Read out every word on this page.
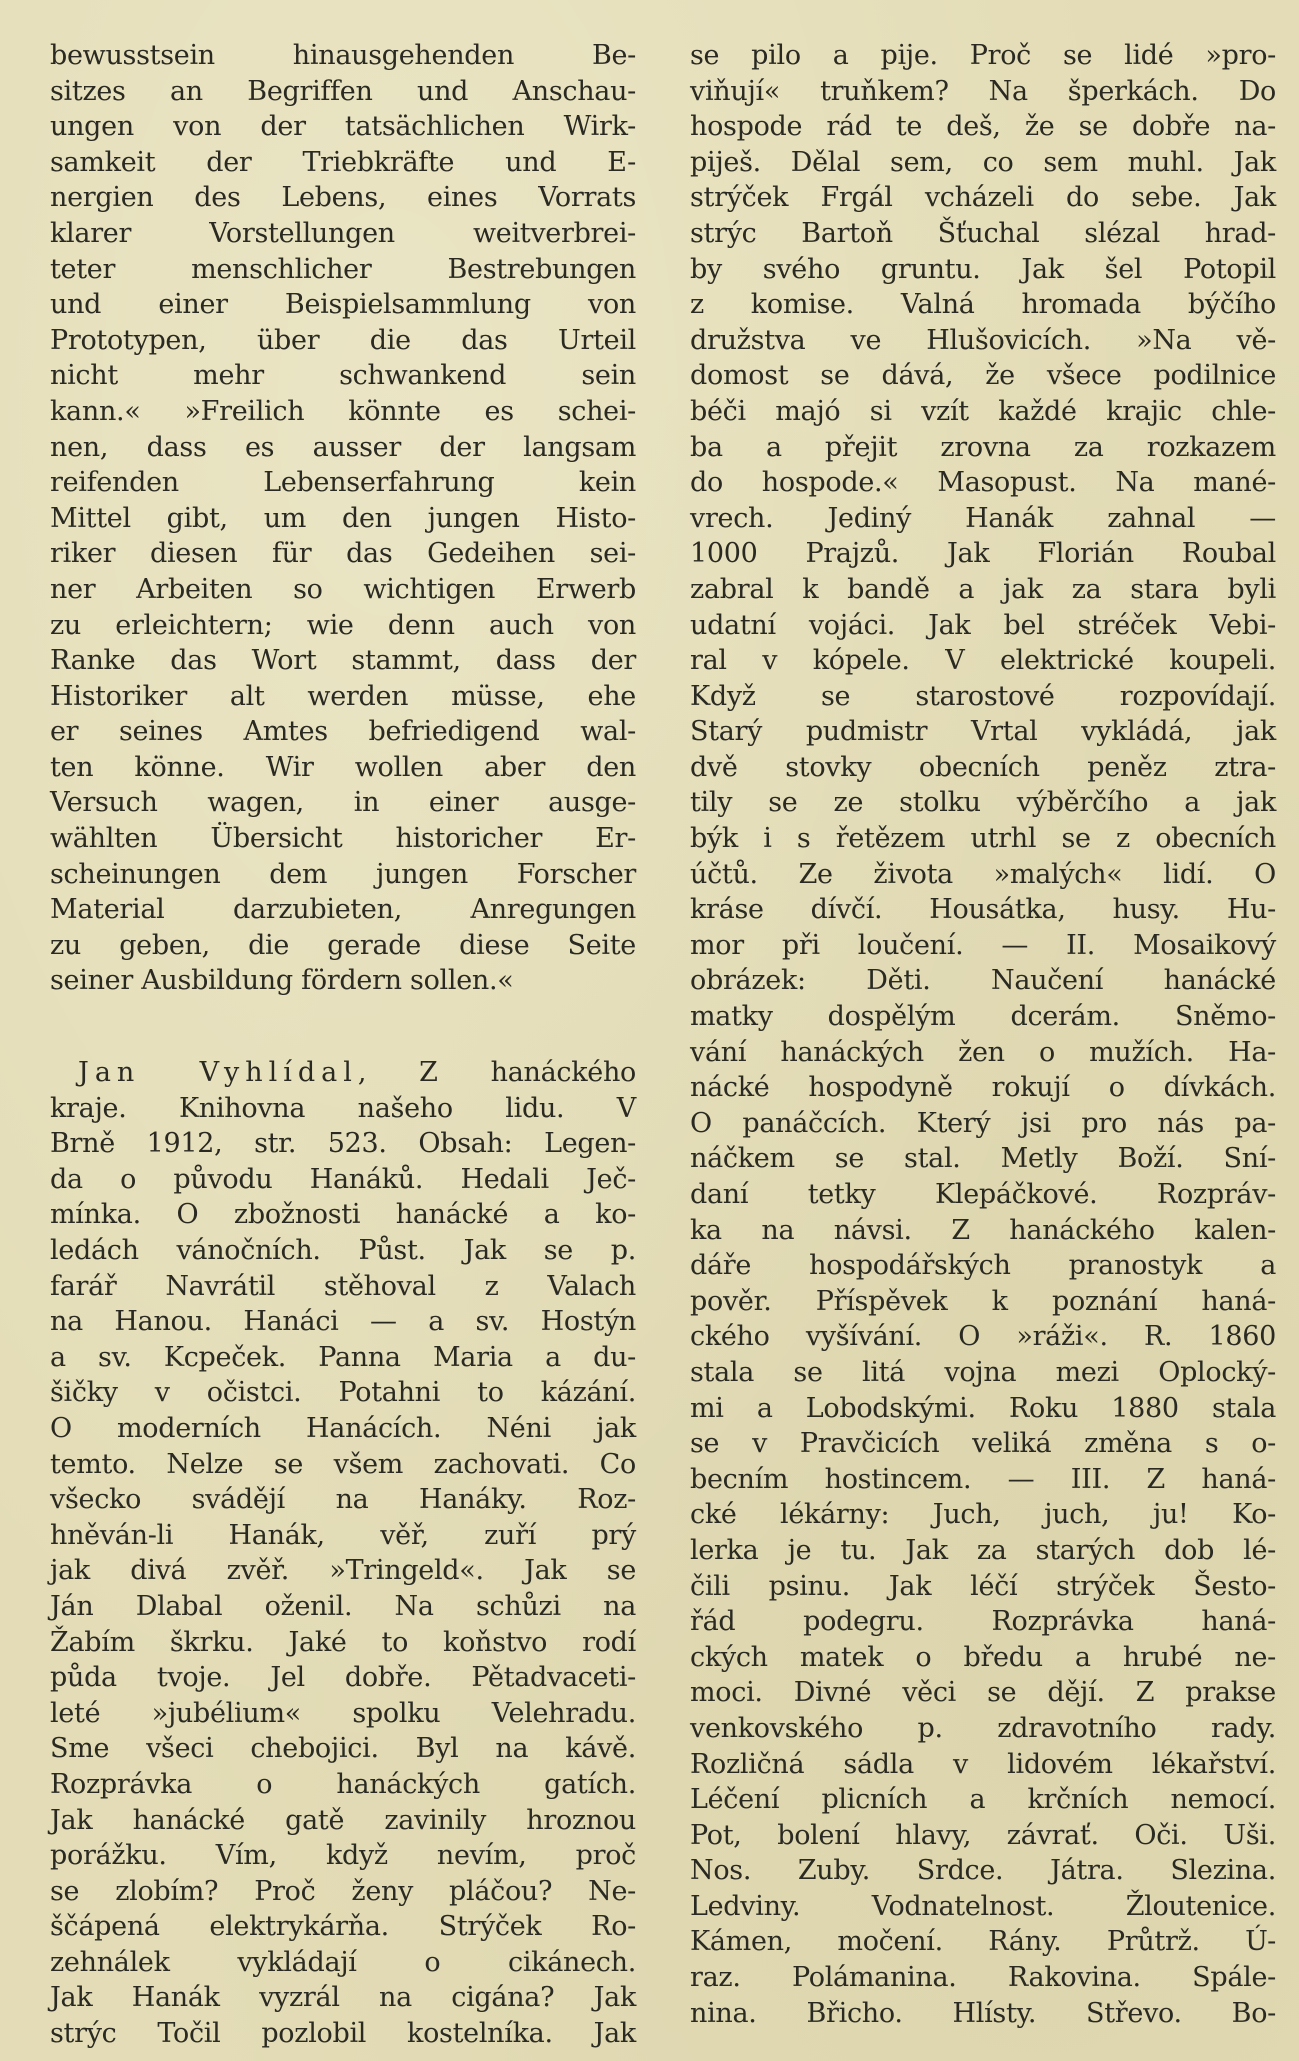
bewusstsein hinausgehenden Be-
sitzes an Begriffen und Anschau-
ungen von der tatsächlichen Wirk-
samkeit der Triebkräfte und E-
nergien des Lebens, eines Vorrats
klarer Vorstellungen weitverbrei-
teter menschlicher Bestrebungen
und einer Beispielsammlung von
Prototypen, über die das Urteil
nicht mehr schwankend sein
kann.« »Freilich könnte es schei-
nen, dass es ausser der langsam
reifenden Lebenserfahrung kein
Mittel gibt, um den jungen Histo-
riker diesen für das Gedeihen sei-
ner Arbeiten so wichtigen Erwerb
zu erleichtern; wie denn auch von
Ranke das Wort stammt, dass der
Historiker alt werden müsse, ehe
er seines Amtes befriedigend wal-
ten könne. Wir wollen aber den
Versuch wagen, in einer ausge-
wählten Übersicht historicher Er-
scheinungen dem jungen Forscher
Material darzubieten, Anregungen
zu geben, die gerade diese Seite
seiner Ausbildung fördern sollen.«
Jan Vyhlídal, Z hanáckého
kraje. Knihovna našeho lidu. V
Brně 1912, str. 523. Obsah: Legen-
da o původu Hanáků. Hedali Ječ-
mínka. O zbožnosti hanácké a ko-
ledách vánočních. Půst. Jak se p.
farář Navrátil stěhoval z Valach
na Hanou. Hanáci — a sv. Hostýn
a sv. Kcpeček. Panna Maria a du-
šičky v očistci. Potahni to kázání.
O moderních Hanácích. Néni jak
temto. Nelze se všem zachovati. Co
všecko svádějí na Hanáky. Roz-
hněván-li Hanák, věř, zuří prý
jak divá zvěř. »Tringeld«. Jak se
Ján Dlabal oženil. Na schůzi na
Žabím škrku. Jaké to koňstvo rodí
půda tvoje. Jel dobře. Pětadvaceti-
leté »jubélium« spolku Velehradu.
Sme všeci chebojici. Byl na kávě.
Rozprávka o hanáckých gatích.
Jak hanácké gatě zavinily hroznou
porážku. Vím, když nevím, proč
se zlobím? Proč ženy pláčou? Ne-
ščápená elektrykárňa. Strýček Ro-
zehnálek vykládají o cikánech.
Jak Hanák vyzrál na cigána? Jak
strýc Točil pozlobil kostelníka. Jak
se pilo a pije. Proč se lidé »pro-
viňují« truňkem? Na šperkách. Do
hospode rád te deš, že se dobře na-
piješ. Dělal sem, co sem muhl. Jak
strýček Frgál vcházeli do sebe. Jak
strýc Bartoň Šťuchal slézal hrad-
by svého gruntu. Jak šel Potopil
z komise. Valná hromada býčího
družstva ve Hlušovicích. »Na vě-
domost se dává, že všece podilnice
béči majó si vzít každé krajic chle-
ba a přejit zrovna za rozkazem
do hospode.« Masopust. Na mané-
vrech. Jediný Hanák zahnal —
1000 Prajzů. Jak Florián Roubal
zabral k bandě a jak za stara byli
udatní vojáci. Jak bel stréček Vebi-
ral v kópele. V elektrické koupeli.
Když se starostové rozpovídají.
Starý pudmistr Vrtal vykládá, jak
dvě stovky obecních peněz ztra-
tily se ze stolku výběrčího a jak
býk i s řetězem utrhl se z obecních
účtů. Ze života »malých« lidí. O
kráse dívčí. Housátka, husy. Hu-
mor při loučení. — II. Mosaikový
obrázek: Děti. Naučení hanácké
matky dospělým dcerám. Sněmo-
vání hanáckých žen o mužích. Ha-
nácké hospodyně rokují o dívkách.
O panáčcích. Který jsi pro nás pa-
náčkem se stal. Metly Boží. Sní-
daní tetky Klepáčkové. Rozpráv-
ka na návsi. Z hanáckého kalen-
dáře hospodářských pranostyk a
pověr. Příspěvek k poznání haná-
ckého vyšívání. O »ráži«. R. 1860
stala se litá vojna mezi Oplocký-
mi a Lobodskými. Roku 1880 stala
se v Pravčicích veliká změna s o-
becním hostincem. — III. Z haná-
cké lékárny: Juch, juch, ju! Ko-
lerka je tu. Jak za starých dob lé-
čili psinu. Jak léčí strýček Šesto-
řád podegru. Rozprávka haná-
ckých matek o bředu a hrubé ne-
moci. Divné věci se dějí. Z prakse
venkovského p. zdravotního rady.
Rozličná sádla v lidovém lékařství.
Léčení plicních a krčních nemocí.
Pot, bolení hlavy, závrať. Oči. Uši.
Nos. Zuby. Srdce. Játra. Slezina.
Ledviny. Vodnatelnost. Žloutenice.
Kámen, močení. Rány. Průtrž. Ú-
raz. Polámanina. Rakovina. Spále-
nina. Břicho. Hlísty. Střevo. Bo-
